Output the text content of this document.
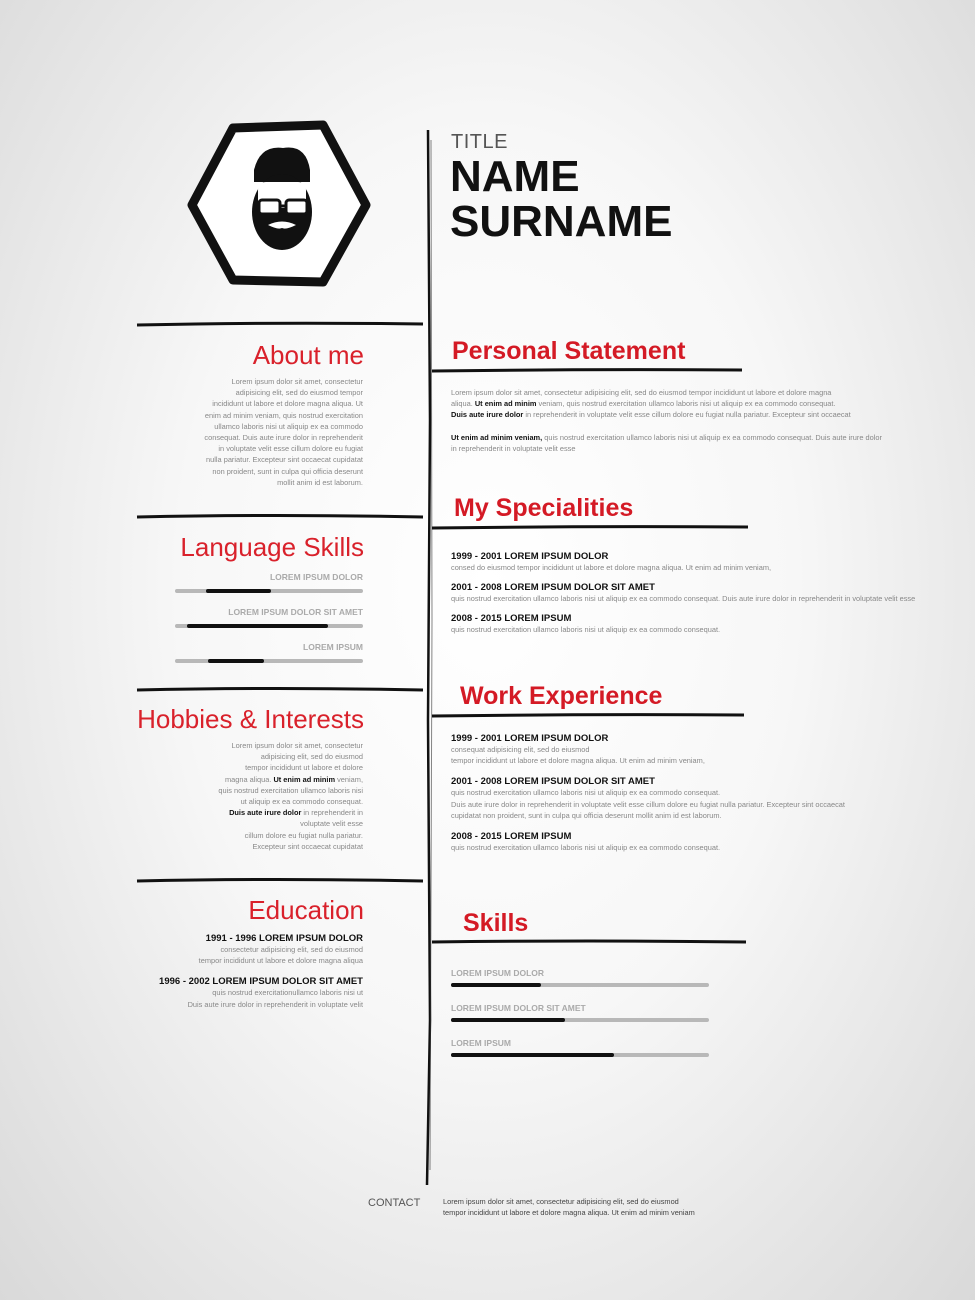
TITLE
NAME
SURNAME
About me
Lorem ipsum dolor sit amet, consectetur
adipisicing elit, sed do eiusmod tempor
incididunt ut labore et dolore magna aliqua. Ut
enim ad minim veniam, quis nostrud exercitation
ullamco laboris nisi ut aliquip ex ea commodo
consequat. Duis aute irure dolor in reprehenderit
in voluptate velit esse cillum dolore eu fugiat
nulla pariatur. Excepteur sint occaecat cupidatat
non proident, sunt in culpa qui officia deserunt
mollit anim id est laborum.
Language Skills
Hobbies & Interests
Lorem ipsum dolor sit amet, consectetur
adipisicing elit, sed do eiusmod
tempor incididunt ut labore et dolore
magna aliqua. Ut enim ad minim veniam,
quis nostrud exercitation ullamco laboris nisi
ut aliquip ex ea commodo consequat.
Duis aute irure dolor in reprehenderit in
voluptate velit esse
cillum dolore eu fugiat nulla pariatur.
Excepteur sint occaecat cupidatat
Education
1991 - 1996 LOREM IPSUM DOLOR
consectetur adipisicing elit, sed do eiusmod
tempor incididunt ut labore et dolore magna aliqua
1996 - 2002 LOREM IPSUM DOLOR SIT AMET
quis nostrud exercitationullamco laboris nisi ut
Duis aute irure dolor in reprehenderit in voluptate velit
Personal Statement
Lorem ipsum dolor sit amet, consectetur adipisicing elit, sed do eiusmod tempor incididunt ut labore et dolore magna
aliqua. Ut enim ad minim veniam, quis nostrud exercitation ullamco laboris nisi ut aliquip ex ea commodo consequat.
Duis aute irure dolor in reprehenderit in voluptate velit esse cillum dolore eu fugiat nulla pariatur. Excepteur sint occaecat
Ut enim ad minim veniam, quis nostrud exercitation ullamco laboris nisi ut aliquip ex ea commodo consequat. Duis aute irure dolor
in reprehenderit in voluptate velit esse
My Specialities
1999 - 2001 LOREM IPSUM DOLOR
consed do eiusmod tempor incididunt ut labore et dolore magna aliqua. Ut enim ad minim veniam,
2001 - 2008 LOREM IPSUM DOLOR SIT AMET
quis nostrud exercitation ullamco laboris nisi ut aliquip ex ea commodo consequat. Duis aute irure dolor in reprehenderit in voluptate velit esse
2008 - 2015 LOREM IPSUM
quis nostrud exercitation ullamco laboris nisi ut aliquip ex ea commodo consequat.
Work Experience
1999 - 2001 LOREM IPSUM DOLOR
consequat adipisicing elit, sed do eiusmod
tempor incididunt ut labore et dolore magna aliqua. Ut enim ad minim veniam,
2001 - 2008 LOREM IPSUM DOLOR SIT AMET
quis nostrud exercitation ullamco laboris nisi ut aliquip ex ea commodo consequat.
Duis aute irure dolor in reprehenderit in voluptate velit esse cillum dolore eu fugiat nulla pariatur. Excepteur sint occaecat
cupidatat non proident, sunt in culpa qui officia deserunt mollit anim id est laborum.
2008 - 2015 LOREM IPSUM
quis nostrud exercitation ullamco laboris nisi ut aliquip ex ea commodo consequat.
Skills
CONTACT	Lorem ipsum dolor sit amet, consectetur adipisicing elit, sed do eiusmod
tempor incididunt ut labore et dolore magna aliqua. Ut enim ad minim veniam
LOREM IPSUM DOLOR
LOREM IPSUM DOLOR SIT AMET
LOREM IPSUM
LOREM IPSUM DOLOR
LOREM IPSUM DOLOR SIT AMET
LOREM IPSUM
